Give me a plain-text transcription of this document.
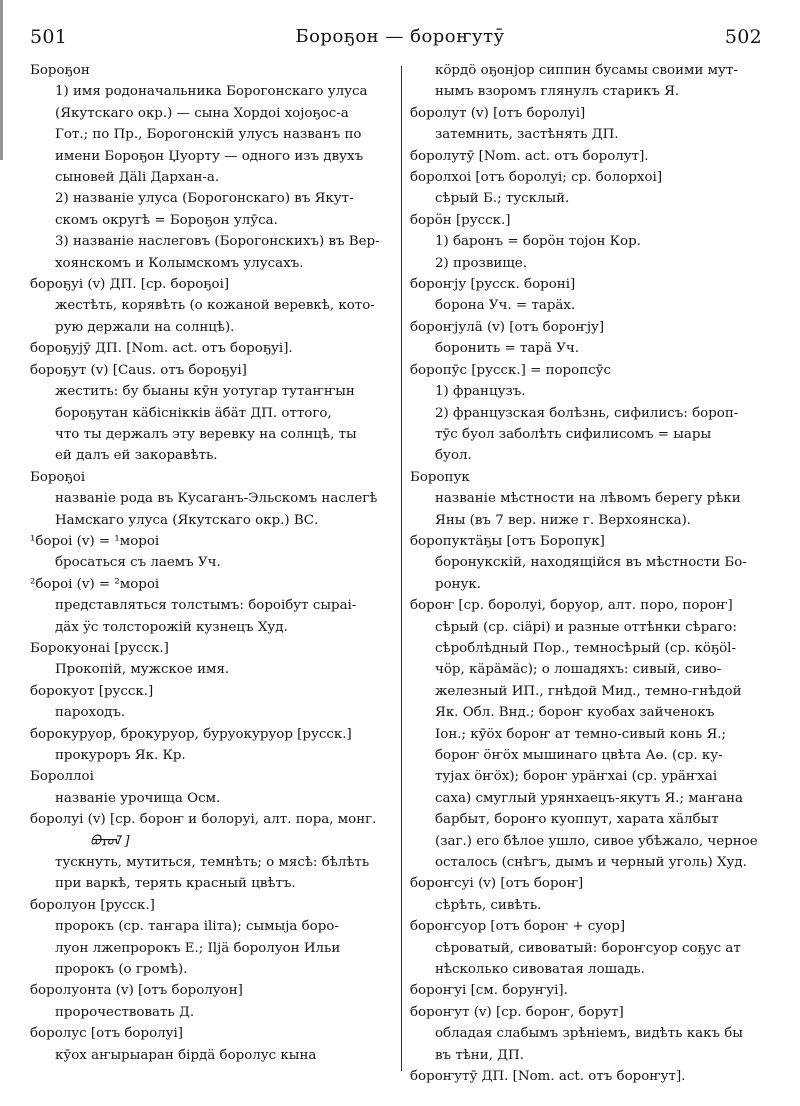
501	Бороҕон — бороҥутӯ	502
Бороҕон
1) имя родоначальника Борогонскаго улуса
(Якутскаго окр.) — сына Хордоі хоjоҕос-а
Гот.; по Пр., Борогонскій улусъ названъ по
имени Бороҕон Џуорту — одного изъ двухъ
сыновей Дälі Дархан-а.
2) названіе улуса (Борогонскаго) въ Якут-
скомъ округѣ = Бороҕон улӯса.
3) названіе наслеговъ (Борогонскихъ) въ Вер-
хоянскомъ и Колымскомъ улусахъ.
бороҕуі (v) ДП. [ср. бороҕоі]
жестѣть, корявѣть (о кожаной веревкѣ, кото-
рую держали на солнцѣ).
бороҕуjӯ ДП. [Nom. act. отъ бороҕуі].
бороҕут (v) [Caus. отъ бороҕуі]
жестить: бу быаны кӯн уотугар тутаҥҥын
бороҕутан кäбіснікків äбäт ДП. оттого,
что ты держалъ эту веревку на солнцѣ, ты
ей далъ ей закоравѣть.
Бороҕоі
названіе рода въ Кусаганъ-Эльскомъ наслегѣ
Намскаго улуса (Якутскаго окр.) ВС.
¹бороі (v) = ¹мороі
бросаться съ лаемъ Уч.
²бороі (v) = ²мороі
представляться толстымъ: бороібут сыраі-
дäх ӱс толсторожій кузнецъ Худ.
Борокуонаі [русск.]
Прокопій, мужское имя.
борокуот [русск.]
пароходъ.
борокуруор, брокуруор, буруокуруор [русск.]
прокуроръ Як. Кр.
Бороллоі
названіе урочища Осм.
боролуі (v) [ср. бороҥ и болоруі, алт. пора, монг.
ᠪᠣᠷᠣᠯ ]
тускнуть, мутиться, темнѣть; о мясѣ: бѣлѣть
при варкѣ, терять красный цвѣтъ.
боролуон [русск.]
пророкъ (ср. таҥара іlіта); сымыjа боро-
луон лжепророкъ Е.; Іljä боролуон Ильи
пророкъ (о громѣ).
боролуонта (v) [отъ боролуон]
пророчествовать Д.
боролус [отъ боролуі]
кӯох аҥырыаран бірдä боролус кына
кöрдö оҕонjор сиппин бусамы своими мут-
нымъ взоромъ глянулъ старикъ Я.
боролут (v) [отъ боролуі]
затемнить, застѣнять ДП.
боролутӯ [Nom. act. отъ боролут].
боролхоі [отъ боролуі; ср. болорхоі]
сѣрый Б.; тусклый.
борӧн [русск.]
1) баронъ = борӧн тоjон Кор.
2) прозвище.
бороҥjу [русск. бороні]
борона Уч. = тарäх.
бороҥjулä (v) [отъ бороҥjу]
боронить = тарä Уч.
боропӯс [русск.] = поропсӯс
1) французъ.
2) французская болѣзнь, сифилисъ: бороп-
тӯс буол заболѣть сифилисомъ = ыары
буол.
Боропук
названіе мѣстности на лѣвомъ берегу рѣки
Яны (въ 7 вер. ниже г. Верхоянска).
боропуктäҕы [отъ Боропук]
боронукскій, находящійся въ мѣстности Бо-
ронук.
бороҥ [ср. боролуі, боруор, алт. поро, пороҥ]
сѣрый (ср. сіäрі) и разные оттѣнки сѣраго:
сѣроблѣдный Пор., темносѣрый (ср. кöҕöl-
чöр, кäрäмäс); о лошадяхъ: сивый, сиво-
железный ИП., гнѣдой Мид., темно-гнѣдой
Як. Обл. Внд.; бороҥ куобах зайченокъ
Іон.; кӯöх бороҥ ат темно-сивый конь Я.;
бороҥ öҥöх мышинаго цвѣта Аө. (ср. ку-
тујах öҥöх); бороҥ урäҥхаі (ср. урäҥхаі
саха) смуглый урянхаецъ-якутъ Я.; маҥана
барбыт, бороҥо куоппут, харата хäлбыт
(заг.) его бѣлое ушло, сивое убѣжало, черное
осталось (снѣгъ, дымъ и черный уголь) Худ.
бороҥсуі (v) [отъ бороҥ]
сѣрѣть, сивѣть.
бороҥсуор [отъ бороҥ + суор]
сѣроватый, сивоватый: бороҥсуор соҕус ат
нѣсколько сивоватая лошадь.
бороҥуі [см. боруҥуі].
бороҥут (v) [ср. бороҥ, борут]
обладая слабымъ зрѣніемъ, видѣть какъ бы
въ тѣни, ДП.
бороҥутӯ ДП. [Nom. act. отъ бороҥут].
